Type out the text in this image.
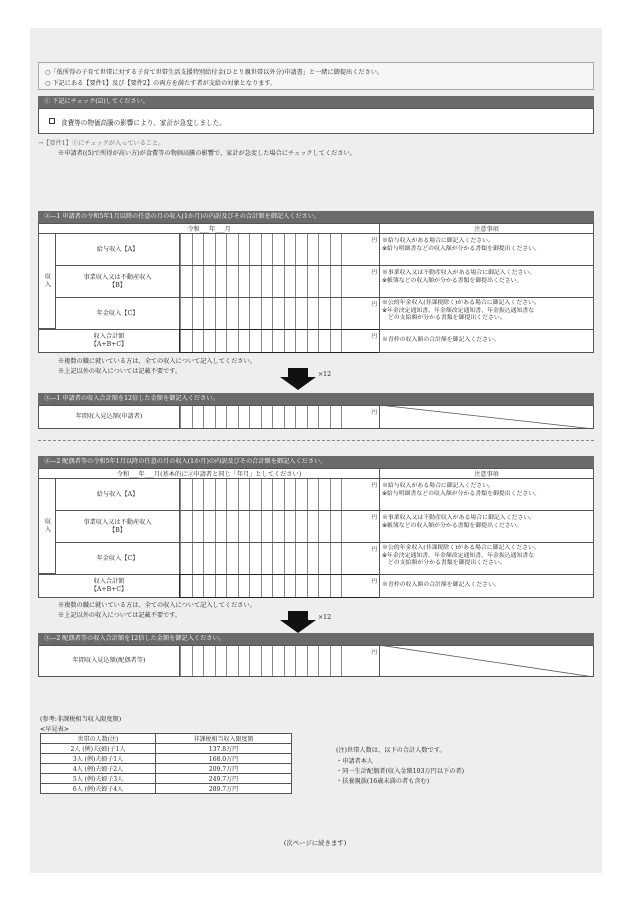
○「低所得の子育て世帯に対する子育て世帯生活支援特別給付金(ひとり親世帯以外分)申請書」と一緒に御提出ください。
○ 下記にある【要件1】及び【要件2】の両方を満たす者が支給の対象となります。
① 下記にチェック(☑)してください。
食費等の物価高騰の影響により、家計が急変しました。
→【要件1】①にチェックが入っていること。
※申請者((5)で所得が高い方)が食費等の物価高騰の影響で、家計が急変した場合にチェックしてください。
②―1 申請者の令和5年1月以降の任意の月の収入(1か月)の内訳及びその合計額を御記入ください。
令和___年___月	注意事項
収入
給与収入【A】
円 ※給与収入がある場合に御記入ください。
※給与明細書などの収入額が分かる書類を御提出ください。
事業収入又は不動産収入
【B】
円 ※事業収入又は不動産収入がある場合に御記入ください。
※帳簿などの収入額が分かる書類を御提出ください。
年金収入【C】
円 ※公的年金収入(非課税除く)がある場合に御記入ください。
※年金決定通知書、年金額改定通知書、年金振込通知書な
　どの支給額が分かる書類を御提出ください。
収入合計額
【A+B+C】
円 ※青枠の収入額の合計額を御記入ください。
※複数の職に就いている方は、全ての収入について記入してください。
※上記以外の収入については記載不要です。	×12
③―1 申請者の収入合計額を12倍した金額を御記入ください。
年間収入見込額(申請者)	円
②―2 配偶者等の令和5年1月以降の任意の月の収入(1か月)の内訳及びその合計額を御記入ください。
令和___年___月(基本的に②申請者と同じ「年月」としてください)	注意事項
収入
給与収入【A】
円 ※給与収入がある場合に御記入ください。
※給与明細書などの収入額が分かる書類を御提出ください。
事業収入又は不動産収入
【B】
円 ※事業収入又は不動産収入がある場合に御記入ください。
※帳簿などの収入額が分かる書類を御提出ください。
年金収入【C】
円 ※公的年金収入(非課税除く)がある場合に御記入ください。
※年金決定通知書、年金額改定通知書、年金振込通知書な
　どの支給額が分かる書類を御提出ください。
収入合計額
【A+B+C】
円 ※青枠の収入額の合計額を御記入ください。
※複数の職に就いている方は、全ての収入について記入してください。
※上記以外の収入については記載不要です。	×12
③―2 配偶者等の収入合計額を12倍した金額を御記入ください。
年間収入見込額(配偶者等)
円
(参考:非課税相当収入限度額)
<早見表>
世帯の人数(注)	非課税相当収入限度額
2人 (例)夫(婦)子1人	137.8万円
3人 (例)夫婦子1人	168.0万円
4人 (例)夫婦子2人	209.7万円
5人 (例)夫婦子3人	249.7万円
6人 (例)夫婦子4人	289.7万円
(注)世帯人数は、以下の合計人数です。
・申請者本人
・同一生計配偶者(収入金額103万円以下の者)
・扶養親族(16歳未満の者も含む)
(次ページに続きます)
